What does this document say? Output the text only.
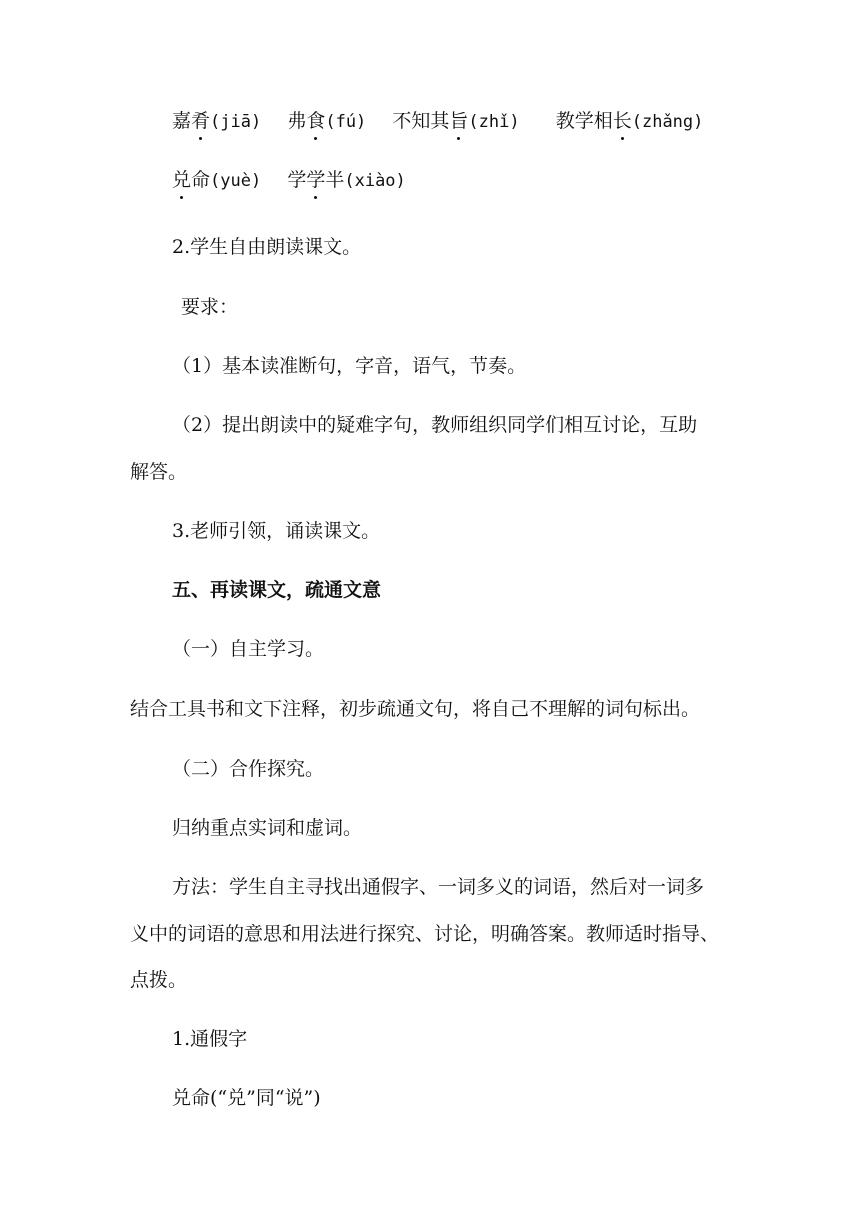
嘉肴(jiā) 弗食(fú) 不知其旨(zhǐ) 教学相长(zhǎng)
兑命(yuè) 学学半(xiào)
2.学生自由朗读课文。
要求：
（1）基本读准断句，字音，语气，节奏。
（2）提出朗读中的疑难字句，教师组织同学们相互讨论，互助
解答。
3.老师引领，诵读课文。
五、再读课文，疏通文意
（一）自主学习。
结合工具书和文下注释，初步疏通文句，将自己不理解的词句标出。
（二）合作探究。
归纳重点实词和虚词。
方法：学生自主寻找出通假字、一词多义的词语，然后对一词多
义中的词语的意思和用法进行探究、讨论，明确答案。教师适时指导、
点拨。
1.通假字
兑命(“兑”同“说”)
